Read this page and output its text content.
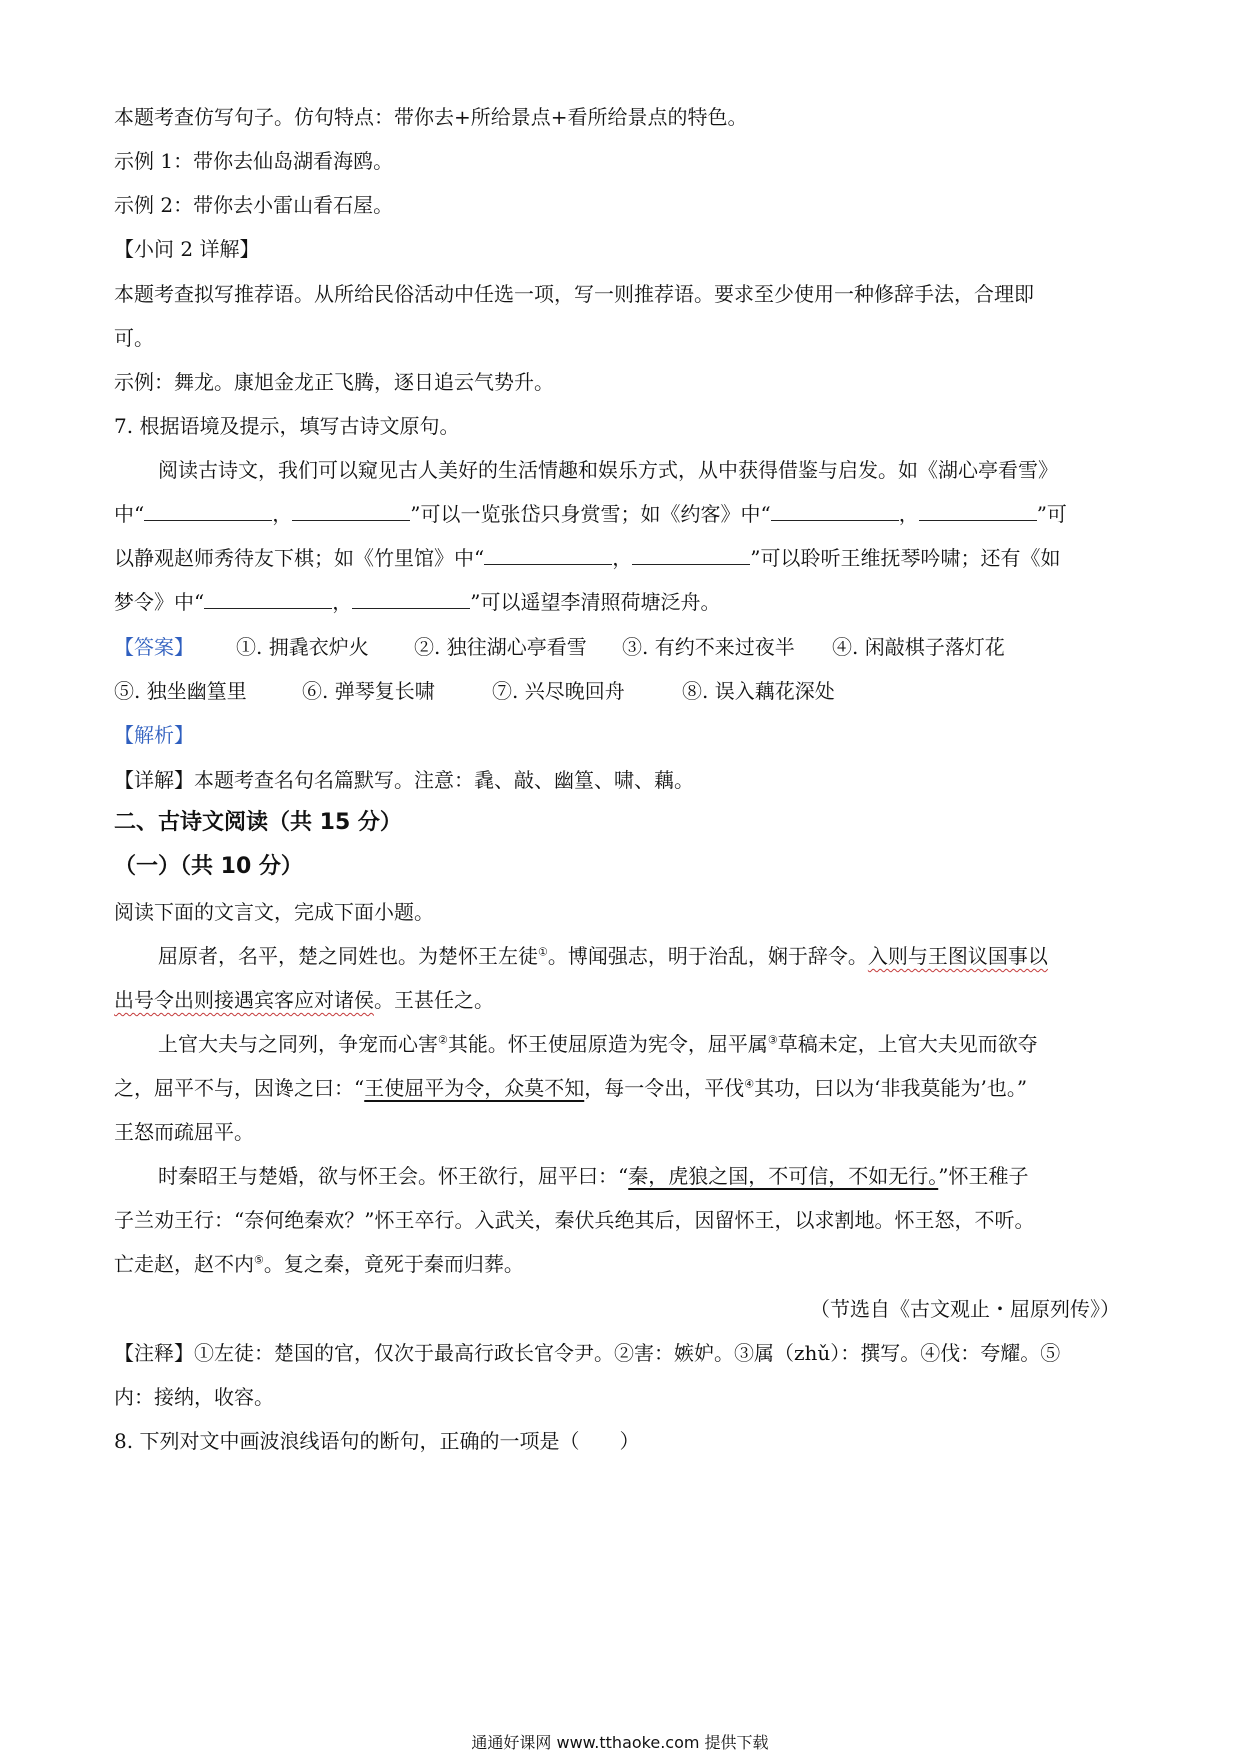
本题考查仿写句子。仿句特点：带你去+所给景点+看所给景点的特色。
示例 1：带你去仙岛湖看海鸥。
示例 2：带你去小雷山看石屋。
【小问 2 详解】
本题考查拟写推荐语。从所给民俗活动中任选一项，写一则推荐语。要求至少使用一种修辞手法，合理即
可。
示例：舞龙。康旭金龙正飞腾，逐日追云气势升。
7. 根据语境及提示，填写古诗文原句。
阅读古诗文，我们可以窥见古人美好的生活情趣和娱乐方式，从中获得借鉴与启发。如《湖心亭看雪》
中“	，	”可以一览张岱只身赏雪；如《约客》中“	，	”可
以静观赵师秀待友下棋；如《竹里馆》中“	，	”可以聆听王维抚琴吟啸；还有《如
梦令》中“	，	”可以遥望李清照荷塘泛舟。
【答案】 ①. 拥毳衣炉火 ②. 独往湖心亭看雪 ③. 有约不来过夜半 ④. 闲敲棋子落灯花
⑤. 独坐幽篁里	⑥. 弹琴复长啸	⑦. 兴尽晚回舟	⑧. 误入藕花深处
【解析】
【详解】本题考查名句名篇默写。注意：毳、敲、幽篁、啸、藕。
二、古诗文阅读（共 15 分）
（一）（共 10 分）
阅读下面的文言文，完成下面小题。
屈原者，名平，楚之同姓也。为楚怀王左徒①。博闻强志，明于治乱，娴于辞令。入则与王图议国事以
出号令出则接遇宾客应对诸侯。王甚任之。
上官大夫与之同列，争宠而心害②其能。怀王使屈原造为宪令，屈平属③草稿未定，上官大夫见而欲夺
之，屈平不与，因谗之曰：“王使屈平为令，众莫不知，每一令出，平伐④其功，曰以为‘非我莫能为’也。”
王怒而疏屈平。
时秦昭王与楚婚，欲与怀王会。怀王欲行，屈平曰：“秦，虎狼之国，不可信，不如无行。”怀王稚子
子兰劝王行：“奈何绝秦欢？”怀王卒行。入武关，秦伏兵绝其后，因留怀王，以求割地。怀王怒，不听。
亡走赵，赵不内⑤。复之秦，竟死于秦而归葬。
（节选自《古文观止・屈原列传》）
【注释】①左徒：楚国的官，仅次于最高行政长官令尹。②害：嫉妒。③属（zhǔ）：撰写。④伐：夸耀。⑤
内：接纳，收容。
8. 下列对文中画波浪线语句的断句，正确的一项是（　　）
通通好课网 www.tthaoke.com 提供下载
